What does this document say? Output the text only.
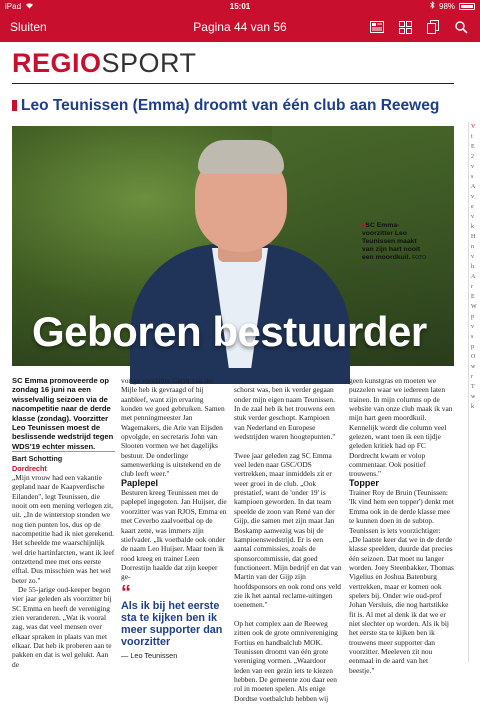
iPad	15:01	98%
Sluiten	Pagina 44 van 56
REGIOSPORT
Leo Teunissen (Emma) droomt van één club aan Reeweg
◂SC Emma-voorzitter Leo Teunissen maakt van zijn hart nooit een moordkuil. FOTO
RICHARD VAN HOEK
Geboren bestuurder

SC Emma promoveerde op zondag 16 juni na een wisselvallig seizoen via de nacompetitie naar de derde klasse (zondag). Voorzitter Leo Teunissen moest de beslissende wedstrijd tegen WDS'19 echter missen.

Bart Schotting

Dordrecht

„Mijn vrouw had een vakantie gepland naar de Kaapverdische Eilanden", legt Teunissen, die nooit om een mening verlegen zit, uit. „In de winterstop stonden we nog tien punten los, dus op de nacompetitie had ik niet gerekend. Het scheelde me waarschijnlijk wel drie hartinfarcten, want ik leef ontzettend mee met ons eerste elftal. Dus misschien was het wel beter zo."

De 55-jarige oud-keeper begon vier jaar geleden als voorzitter bij SC Emma en heeft de vereniging zien veranderen. „Wat ik vooral zag, was dat veel mensen over elkaar spraken in plaats van met elkaar. Dat heb ik proberen aan te pakken en dat is wel gelukt. Aan de

vorige voorzitter Gerrit van der Mijle heb ik gevraagd of hij aanbleef, want zijn ervaring konden we goed gebruiken. Samen met penningmeester Jan Wagemakers, die Arie van Eijsden opvolgde, en secretaris John van Slooten vormen we het dagelijks bestuur. De onderlinge samenwerking is uitstekend en de club leeft weer."

Paplepel

Besturen kreeg Teunissen met de paplepel ingegoten. Jan Huijser, die voorzitter was van RJOS, Emma en met Ceverbo zaalvoetbal op de kaart zette, was immers zijn stiefvader. „Ik voetbalde ook onder de naam Leo Huijser. Maar toen ik rood kreeg en trainer Leen Dorrestijn haalde dat zijn keeper ge-

“
Als ik bij het eerste sta te kijken ben ik meer supporter dan voorzitter
— Leo Teunissen

schorst was, ben ik verder gegaan onder mijn eigen naam Teunissen. In de zaal heb ik het trouwens een stuk verder geschopt. Kampioen van Nederland en Europese wedstrijden waren hoogtepunten."

Twee jaar geleden zag SC Emma veel leden naar GSC/ODS vertrekken, maar inmiddels zit er weer groei in de club. „Ook prestatief, want de 'onder 19' is kampioen geworden. In dat team speelde de zoon van René van der Gijp, die samen met zijn maat Jan Boskamp aanwezig was bij de kampioenswedstrijd. Er is een aantal commissies, zoals de sponsorcommissie, dat goed functioneert. Mijn bedrijf en dat van Martin van der Gijp zijn hoofdsponsors en ook rond ons veld zie ik het aantal reclame-uitingen toenemen."

Op het complex aan de Reeweg zitten ook de grote omnivereniging Fortius en handbalclub MOK. Teunissen droomt van één grote vereniging vormen. „Waardoor leden van een gezin iets te kiezen hebben. De gemeente zou daar een rol in moeten spelen. Als enige Dordtse voetbalclub hebben wij

geen kunstgras en moeten we puzzelen waar we iedereen laten trainen. In mijn columns op de website van onze club maak ik van mijn hart geen moordkuil. Kennelijk wordt die column veel gelezen, want toen ik een tijdje geleden kritiek had op FC Dordrecht kwam er volop commentaar. Ook positief trouwens."

Topper

Trainer Roy de Bruin (Teunissen: 'Ik vind hem een topper') denkt met Emma ook in de derde klasse mee te kunnen doen in de subtop. Teunissen is iets voorzichtiger: „De laatste keer dat we in de derde klasse speelden, duurde dat precies één seizoen. Dat moet nu langer worden. Joey Steenbakker, Thomas Vigelius en Joshua Batenburg vertrekken, maar er komen ook spelers bij. Onder wie oud-prof Johan Versluis, die nog hartstikke fit is. Al met al denk ik dat we er niet slechter op worden. Als ik bij het eerste sta te kijken ben ik trouwens meer supporter dan voorzitter. Meeleven zit nou eenmaal in de aard van het beestje."

V
t
E
2
v
s
A
v
e
v
k
H
n
v
h
A
r
E
W
p
v
s
p
O
w
r
T
w
k
